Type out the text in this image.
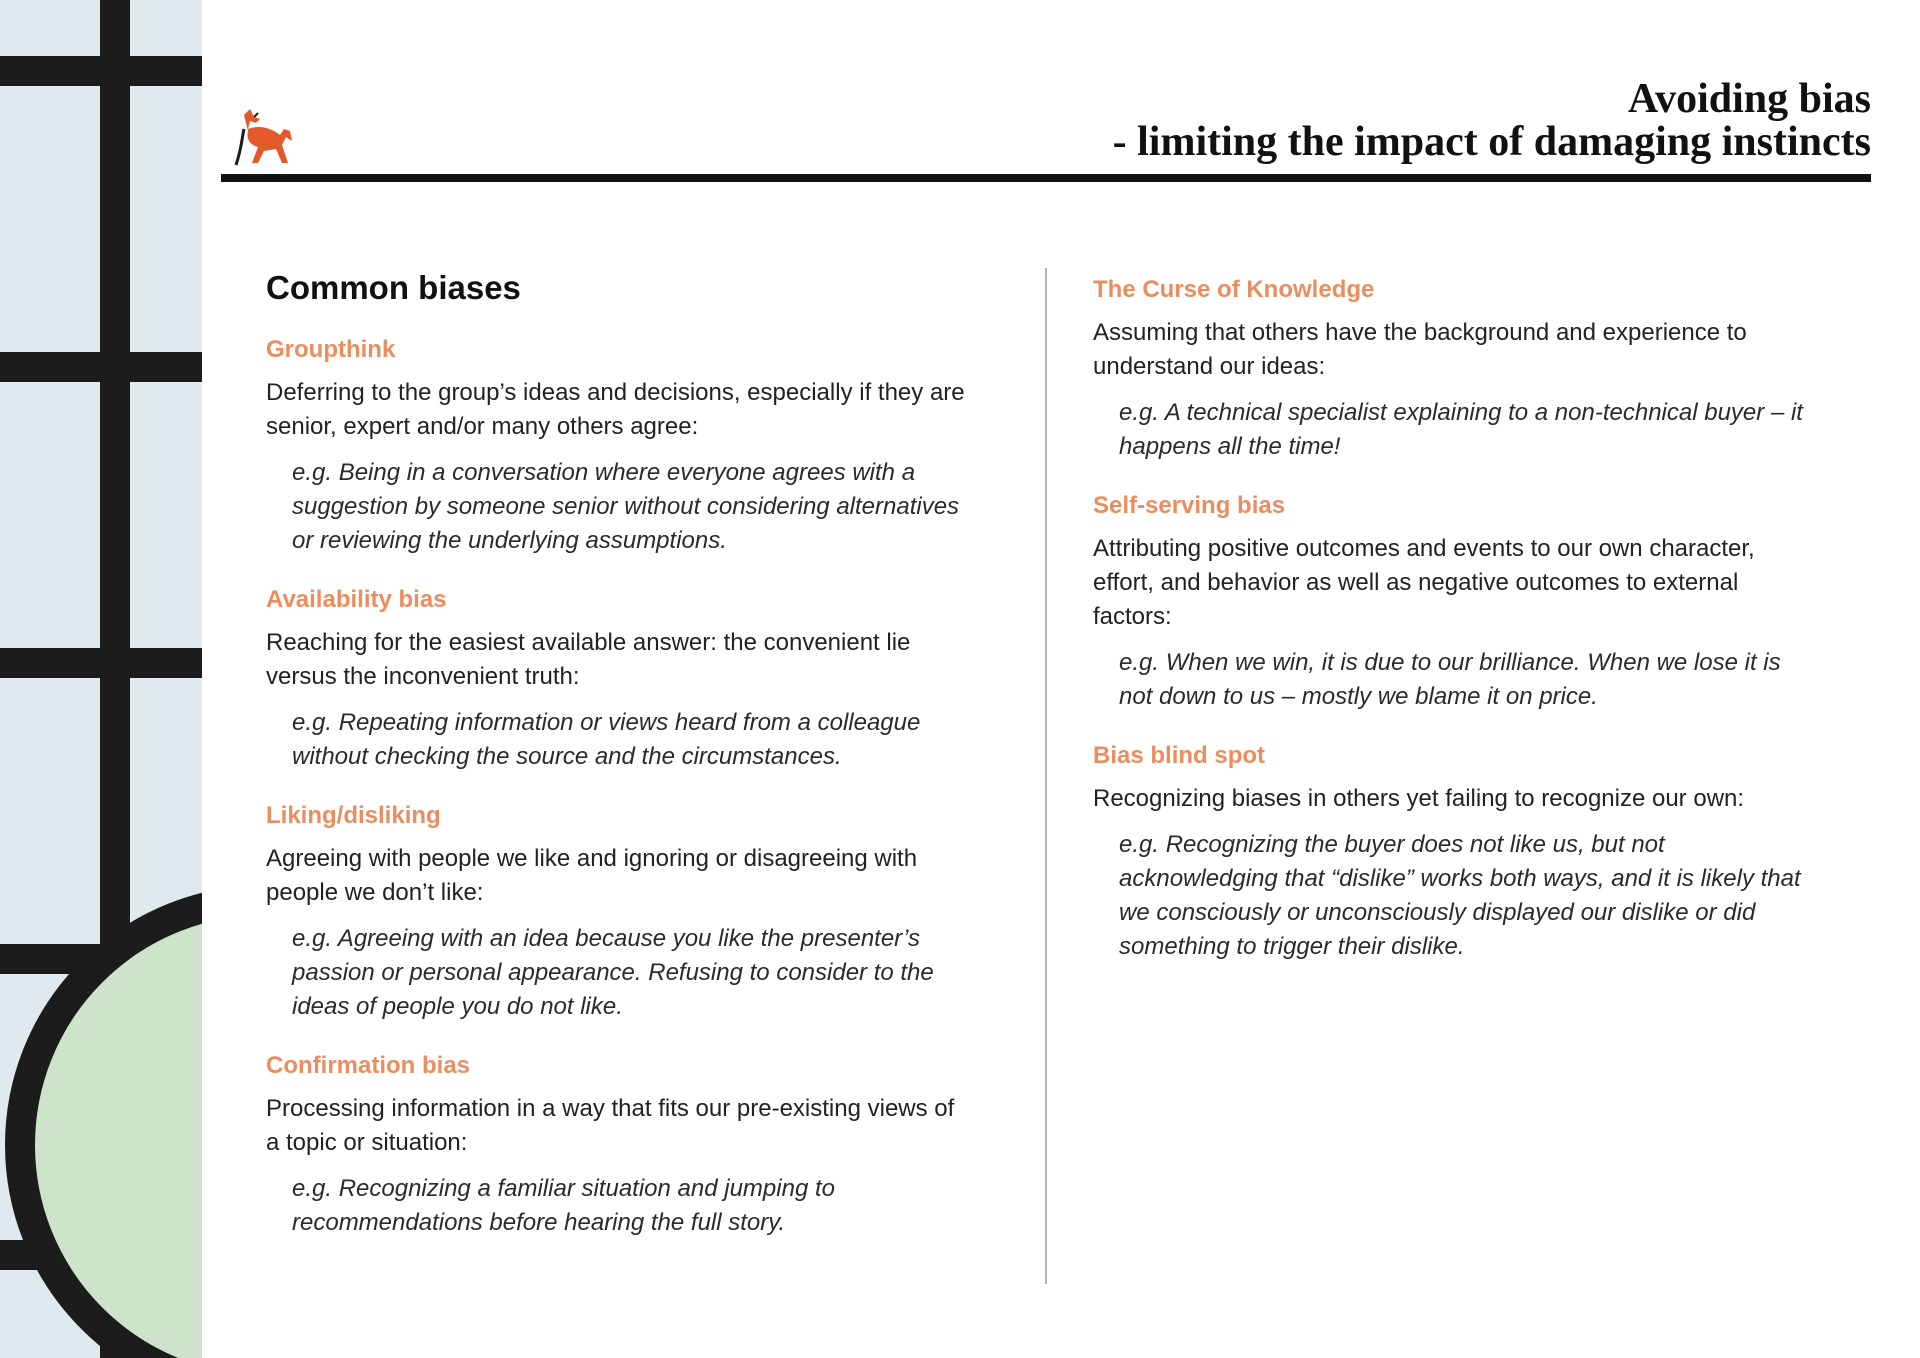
Avoiding bias
- limiting the impact of damaging instincts
Common biases
Groupthink
Deferring to the group’s ideas and decisions, especially if they are senior, expert and/or many others agree:
e.g. Being in a conversation where everyone agrees with a suggestion by someone senior without considering alternatives or reviewing the underlying assumptions.
Availability bias
Reaching for the easiest available answer: the convenient lie versus the inconvenient truth:
e.g. Repeating information or views heard from a colleague without checking the source and the circumstances.
Liking/disliking
Agreeing with people we like and ignoring or disagreeing with people we don’t like:
e.g. Agreeing with an idea because you like the presenter’s passion or personal appearance. Refusing to consider to the ideas of people you do not like.
Confirmation bias
Processing information in a way that fits our pre-existing views of a topic or situation:
e.g. Recognizing a familiar situation and jumping to recommendations before hearing the full story.
The Curse of Knowledge
Assuming that others have the background and experience to understand our ideas:
e.g. A technical specialist explaining to a non-technical buyer – it happens all the time!
Self-serving bias
Attributing positive outcomes and events to our own character, effort, and behavior as well as negative outcomes to external factors:
e.g. When we win, it is due to our brilliance. When we lose it is not down to us – mostly we blame it on price.
Bias blind spot
Recognizing biases in others yet failing to recognize our own:
e.g. Recognizing the buyer does not like us, but not acknowledging that “dislike” works both ways, and it is likely that we consciously or unconsciously displayed our dislike or did something to trigger their dislike.
